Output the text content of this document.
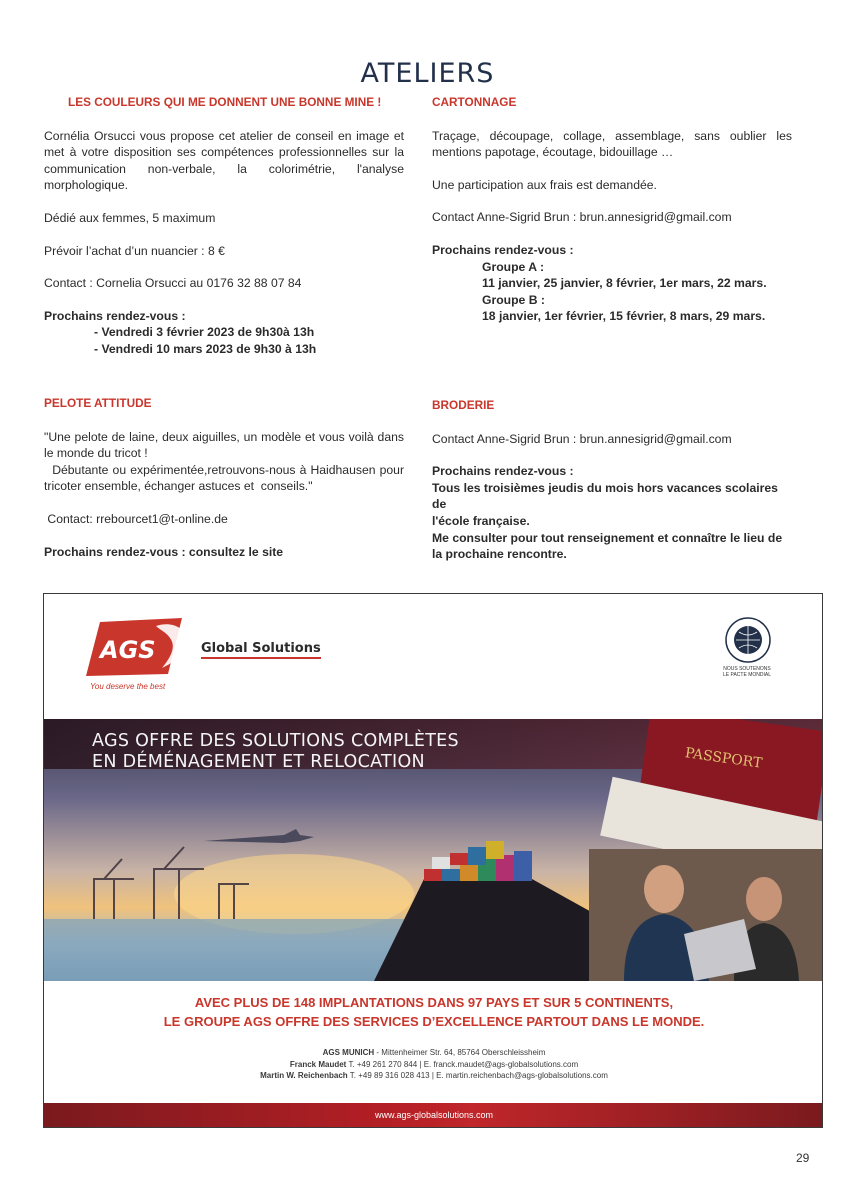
ATELIERS
LES COULEURS QUI ME DONNENT UNE BONNE MINE !
Cornélia Orsucci vous propose cet atelier de conseil en image et met à votre disposition ses compétences professionnelles sur la communication non-verbale, la colorimétrie, l'analyse morphologique.
Dédié aux femmes, 5 maximum
Prévoir l’achat d’un nuancier : 8 €
Contact : Cornelia Orsucci au 0176 32 88 07 84
Prochains rendez-vous :
- Vendredi 3 février 2023 de 9h30à 13h
- Vendredi 10 mars 2023 de 9h30 à 13h
PELOTE ATTITUDE
"Une pelote de laine, deux aiguilles, un modèle et vous voilà dans le monde du tricot !
Débutante ou expérimentée,retrouvons-nous à Haidhausen pour tricoter ensemble, échanger astuces et  conseils."
Contact: rrebourcet1@t-online.de
Prochains rendez-vous : consultez le site
CARTONNAGE
Traçage, découpage, collage, assemblage, sans oublier les mentions papotage, écoutage, bidouillage …
Une participation aux frais est demandée.
Contact Anne-Sigrid Brun : brun.annesigrid@gmail.com
Prochains rendez-vous :
Groupe A :
11 janvier, 25 janvier, 8 février, 1er mars, 22 mars.
Groupe B :
18 janvier, 1er février, 15 février, 8 mars, 29 mars.
BRODERIE
Contact Anne-Sigrid Brun : brun.annesigrid@gmail.com
Prochains rendez-vous :
Tous les troisièmes jeudis du mois hors vacances scolaires de
l'école française.
Me consulter pour tout renseignement et connaître le lieu de
la prochaine rencontre.
AGS
You deserve the best
Global Solutions
NOUS SOUTENONS
LE PACTE MONDIAL
PASSPORT
AGS OFFRE DES SOLUTIONS COMPLÈTES
EN DÉMÉNAGEMENT ET RELOCATION
AVEC PLUS DE 148 IMPLANTATIONS DANS 97 PAYS ET SUR 5 CONTINENTS,
LE GROUPE AGS OFFRE DES SERVICES D’EXCELLENCE PARTOUT DANS LE MONDE.
AGS MUNICH - Mittenheimer Str. 64, 85764 Oberschleissheim
Franck Maudet T. +49 261 270 844 | E. franck.maudet@ags-globalsolutions.com
Martin W. Reichenbach T. +49 89 316 028 413 | E. martin.reichenbach@ags-globalsolutions.com
www.ags-globalsolutions.com
29
